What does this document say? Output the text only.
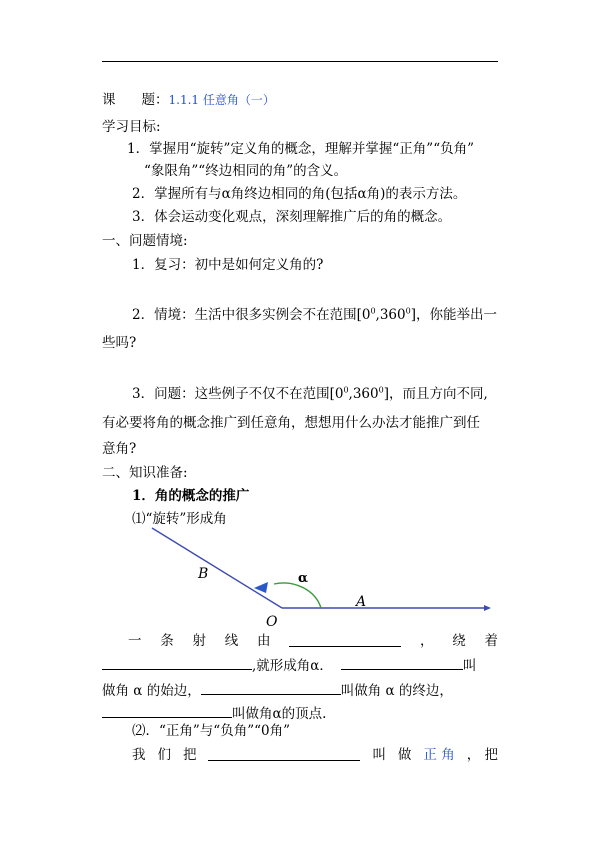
课 题：1.1.1 任意角（一）
学习目标:
1．掌握用“旋转”定义角的概念，理解并掌握“正角”“负角”
“象限角”“终边相同的角”的含义。
2．掌握所有与α角终边相同的角(包括α角)的表示方法。
3．体会运动变化观点，深刻理解推广后的角的概念。
一、问题情境:
1．复习：初中是如何定义角的?
2．情境：生活中很多实例会不在范围$[0^0,360^0]$，你能举出一
些吗?
3．问题：这些例子不仅不在范围$[0^0,360^0]$，而且方向不同,
有必要将角的概念推广到任意角，想想用什么办法才能推广到任
意角?
二、知识准备:
1．角的概念的推广
⑴“旋转”形成角
B	α
A
O
一 条 射 线 由	， 绕 着
,就形成角α．	叫
做角 α 的始边，	叫做角 α 的终边，
叫做角α的顶点.
⑵．“正角”与“负角”“0角”
我 们 把	叫 做 正 角 ， 把
